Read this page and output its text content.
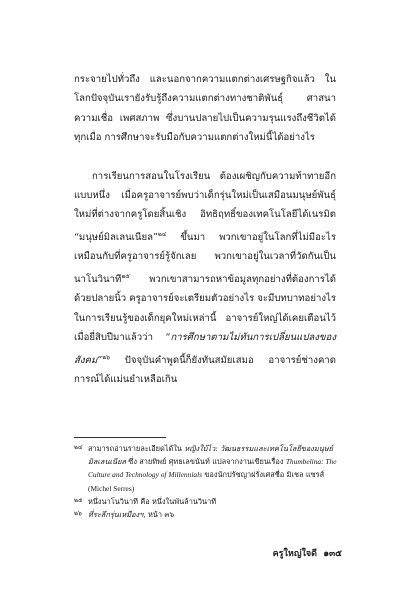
กระจายไปทั่วถึง และนอกจากความแตกต่างเศรษฐกิจแล้ว ในโลกปัจจุบันเรายังรับรู้ถึงความแตกต่างทางชาติพันธุ์ ศาสนา ความเชื่อ เพศสภาพ ซึ่งบานปลายไปเป็นความรุนแรงถึงชีวิตได้ทุกเมื่อ การศึกษาจะรับมือกับความแตกต่างใหม่นี้ได้อย่างไร

การเรียนการสอนในโรงเรียน ต้องเผชิญกับความท้าทายอีกแบบหนึ่ง เมื่อครูอาจารย์พบว่าเด็กรุ่นใหม่เป็นเสมือนมนุษย์พันธุ์ใหม่ที่ต่างจากครูโดยสิ้นเชิง อิทธิฤทธิ์ของเทคโนโลยีได้เนรมิต “มนุษย์มิลเลนเนียล”$^{๒๔}$ ขึ้นมา พวกเขาอยู่ในโลกที่ไม่มีอะไรเหมือนกับที่ครูอาจารย์รู้จักเลย พวกเขาอยู่ในเวลาที่วัดกันเป็นนาโนวินาที$^{๒๕}$ พวกเขาสามารถหาข้อมูลทุกอย่างที่ต้องการได้ด้วยปลายนิ้ว ครูอาจารย์จะเตรียมตัวอย่างไร จะมีบทบาทอย่างไรในการเรียนรู้ของเด็กยุคใหม่เหล่านี้ อาจารย์ใหญ่ได้เคยเตือนไว้เมื่อยี่สิบปีมาแล้วว่า “การศึกษาตามไม่ทันการเปลี่ยนแปลงของสังคม”$^{๒๖}$ ปัจจุบันคำพูดนี้ก็ยังทันสมัยเสมอ อาจารย์ช่างคาดการณ์ได้แม่นยำเหลือเกิน

๒๔ สามารถอ่านรายละเอียดได้ใน หญิงใบ้ไว: วัฒนธรรมและเทคโนโลยีของมนุษย์มิลเลนเนียล ซึ่ง สายทิพย์ ศุทธเลขนันท์ แปลจากงานเขียนเรื่อง Thumbelina: The Culture and Technology of Millennials ของนักปรัชญาฝรั่งเศสชื่อ มิเชล แซรส์ (Michel Serres)
๒๕ หนึ่งนาโนวินาที คือ หนึ่งในพันล้านวินาที
๒๖ ที่ระลึกรุ่นเหมืองฯ, หน้า ๓๖
ครูใหญ่ใจดี ๑๓๕
